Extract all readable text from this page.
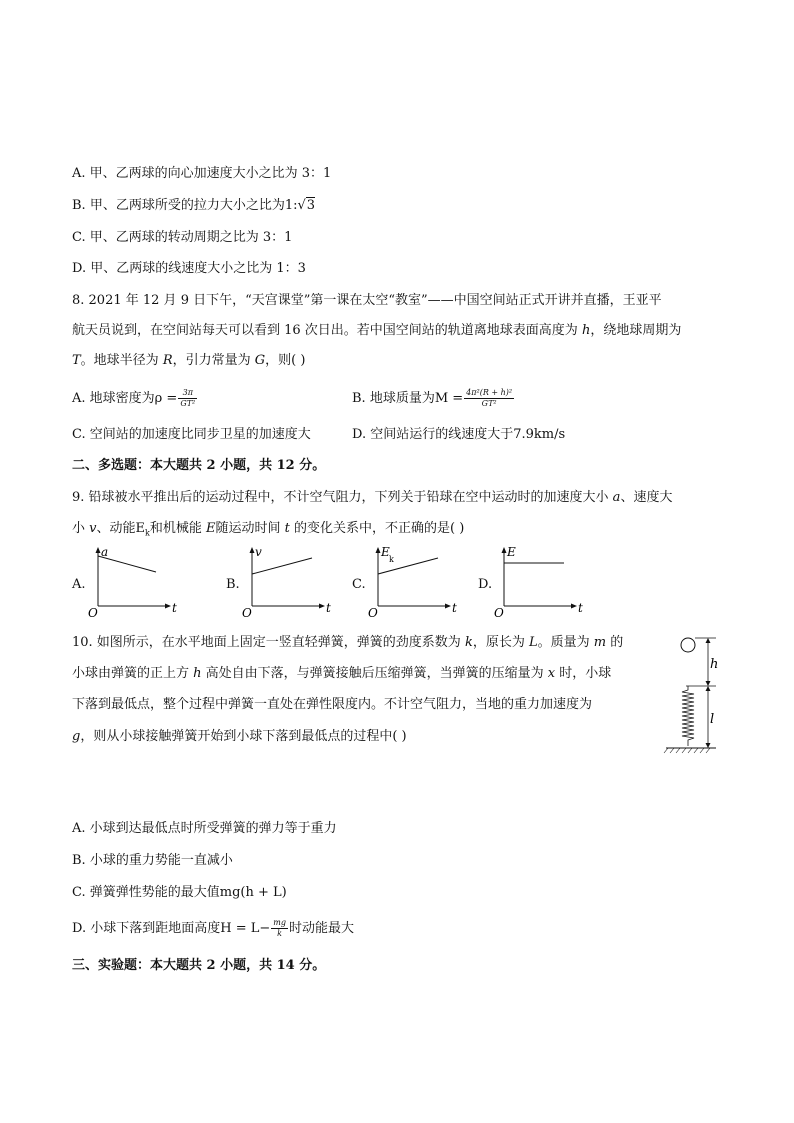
A. 甲、乙两球的向心加速度大小之比为 3：1
B. 甲、乙两球所受的拉力大小之比为1:√3
C. 甲、乙两球的转动周期之比为 3：1
D. 甲、乙两球的线速度大小之比为 1：3
8. 2021 年 12 月 9 日下午，“天宫课堂”第一课在太空“教室”——中国空间站正式开讲并直播，王亚平
航天员说到，在空间站每天可以看到 16 次日出。若中国空间站的轨道离地球表面高度为 h，绕地球周期为
T。地球半径为 R，引力常量为 G，则( )
A. 地球密度为$\rho = \frac{3\pi}{\text{GT²}}$	B. 地球质量为$M = \frac{\text{4π²(R + h)²}}{\text{GT²}}$
C. 空间站的加速度比同步卫星的加速度大	D. 空间站运行的线速度大于7.9km/s
二、多选题：本大题共 2 小题，共 12 分。
9. 铅球被水平推出后的运动过程中，不计空气阻力，下列关于铅球在空中运动时的加速度大小 a、速度大
小 v、动能$E_k$和机械能 E随运动时间 t 的变化关系中，不正确的是( )
A.
a
t
O
B.
v
t
O
C.
E
k
t
O
D.
E
t
O
10. 如图所示，在水平地面上固定一竖直轻弹簧，弹簧的劲度系数为 k，原长为 L。质量为 m 的
小球由弹簧的正上方 h 高处自由下落，与弹簧接触后压缩弹簧，当弹簧的压缩量为 x 时，小球
下落到最低点，整个过程中弹簧一直处在弹性限度内。不计空气阻力，当地的重力加速度为
g，则从小球接触弹簧开始到小球下落到最低点的过程中( )
h
l
A. 小球到达最低点时所受弹簧的弹力等于重力
B. 小球的重力势能一直减小
C. 弹簧弹性势能的最大值mg(h + L)
D. 小球下落到距地面高度$H = L- \frac{mg}{k}$ 时动能最大
三、实验题：本大题共 2 小题，共 14 分。
